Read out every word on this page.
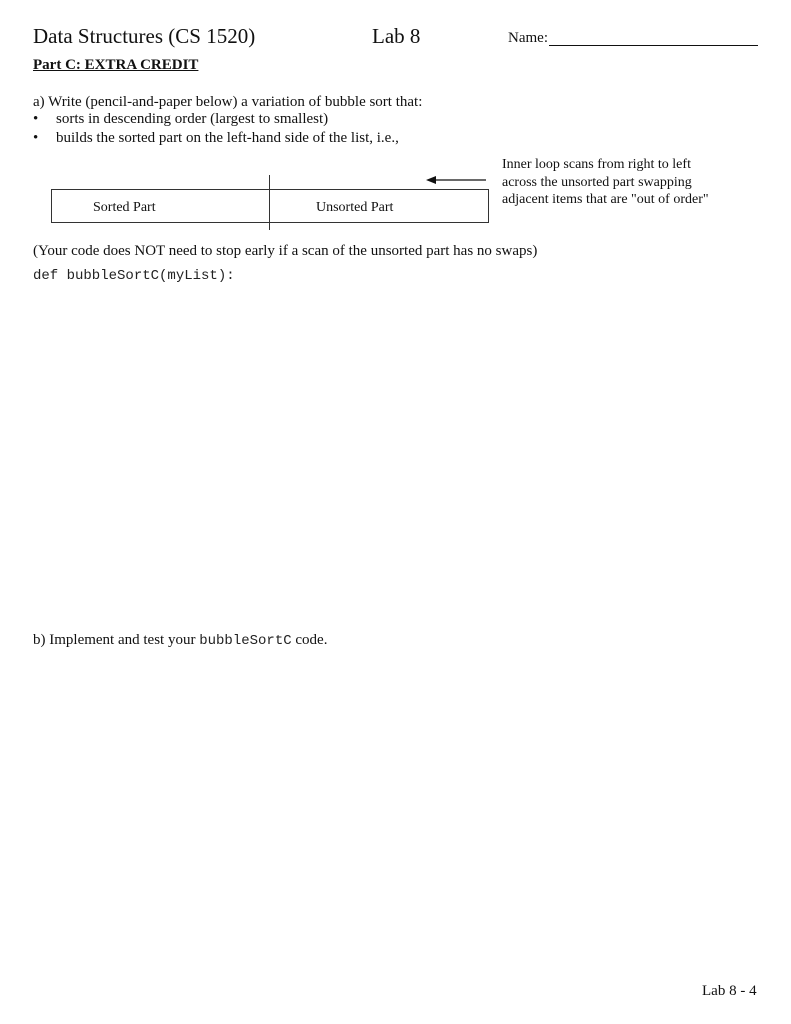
Data Structures (CS 1520)	Lab 8	Name:
Part C: EXTRA CREDIT
a) Write (pencil-and-paper below) a variation of bubble sort that:
• sorts in descending order (largest to smallest)
• builds the sorted part on the left-hand side of the list, i.e.,
Sorted Part	Unsorted Part
Inner loop scans from right to left
across the unsorted part swapping
adjacent items that are "out of order"
(Your code does NOT need to stop early if a scan of the unsorted part has no swaps)
def bubbleSortC(myList):
b) Implement and test your bubbleSortC code.
Lab 8 - 4
